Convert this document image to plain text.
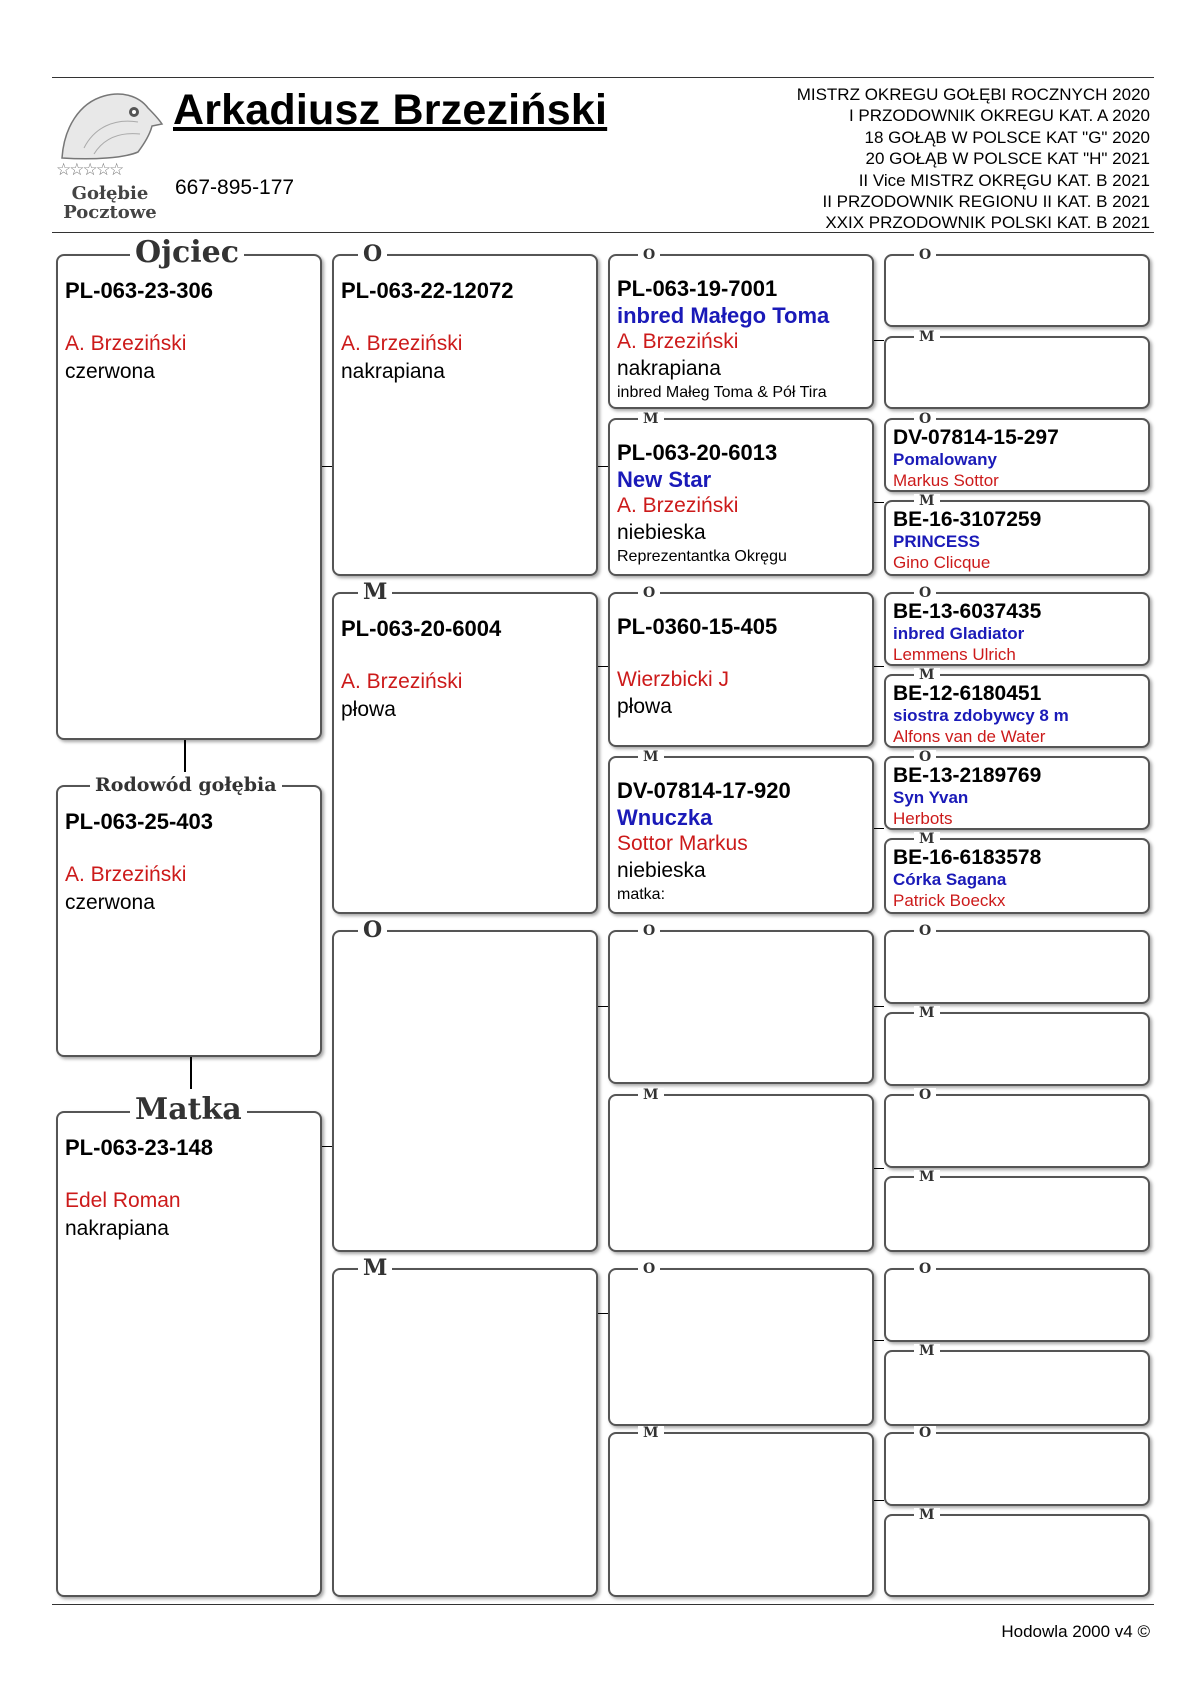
☆☆☆☆☆
Gołębie
Pocztowe
Arkadiusz Brzeziński
667-895-177
MISTRZ OKREGU GOŁĘBI ROCZNYCH 2020
I PRZODOWNIK OKREGU KAT. A 2020
18 GOŁĄB W POLSCE KAT "G" 2020
20 GOŁĄB W POLSCE KAT "H" 2021
II Vice MISTRZ OKRĘGU KAT. B 2021
II PRZODOWNIK REGIONU II KAT. B 2021
XXIX PRZODOWNIK POLSKI KAT. B 2021
Ojciec
PL-063-23-306
A. Brzeziński
czerwona
Rodowód gołębia
PL-063-25-403
A. Brzeziński
czerwona
Matka
PL-063-23-148
Edel Roman
nakrapiana
O
PL-063-22-12072
A. Brzeziński
nakrapiana
M
PL-063-20-6004
A. Brzeziński
płowa
O
M
O
PL-063-19-7001
inbred Małego Toma
A. Brzeziński
nakrapiana
inbred Małeg Toma & Pół Tira
M
PL-063-20-6013
New Star
A. Brzeziński
niebieska
Reprezentantka Okręgu
O
PL-0360-15-405
Wierzbicki J
płowa
M
DV-07814-17-920
Wnuczka
Sottor Markus
niebieska
matka:
O
M
O
M
O
M
O
DV-07814-15-297
Pomalowany
Markus Sottor
M
BE-16-3107259
PRINCESS
Gino Clicque
O
BE-13-6037435
inbred Gladiator
Lemmens Ulrich
M
BE-12-6180451
siostra zdobywcy 8 m
Alfons van de Water
O
BE-13-2189769
Syn Yvan
Herbots
M
BE-16-6183578
Córka Sagana
Patrick Boeckx
O
M
O
M
O
M
O
M
Hodowla 2000 v4 ©
